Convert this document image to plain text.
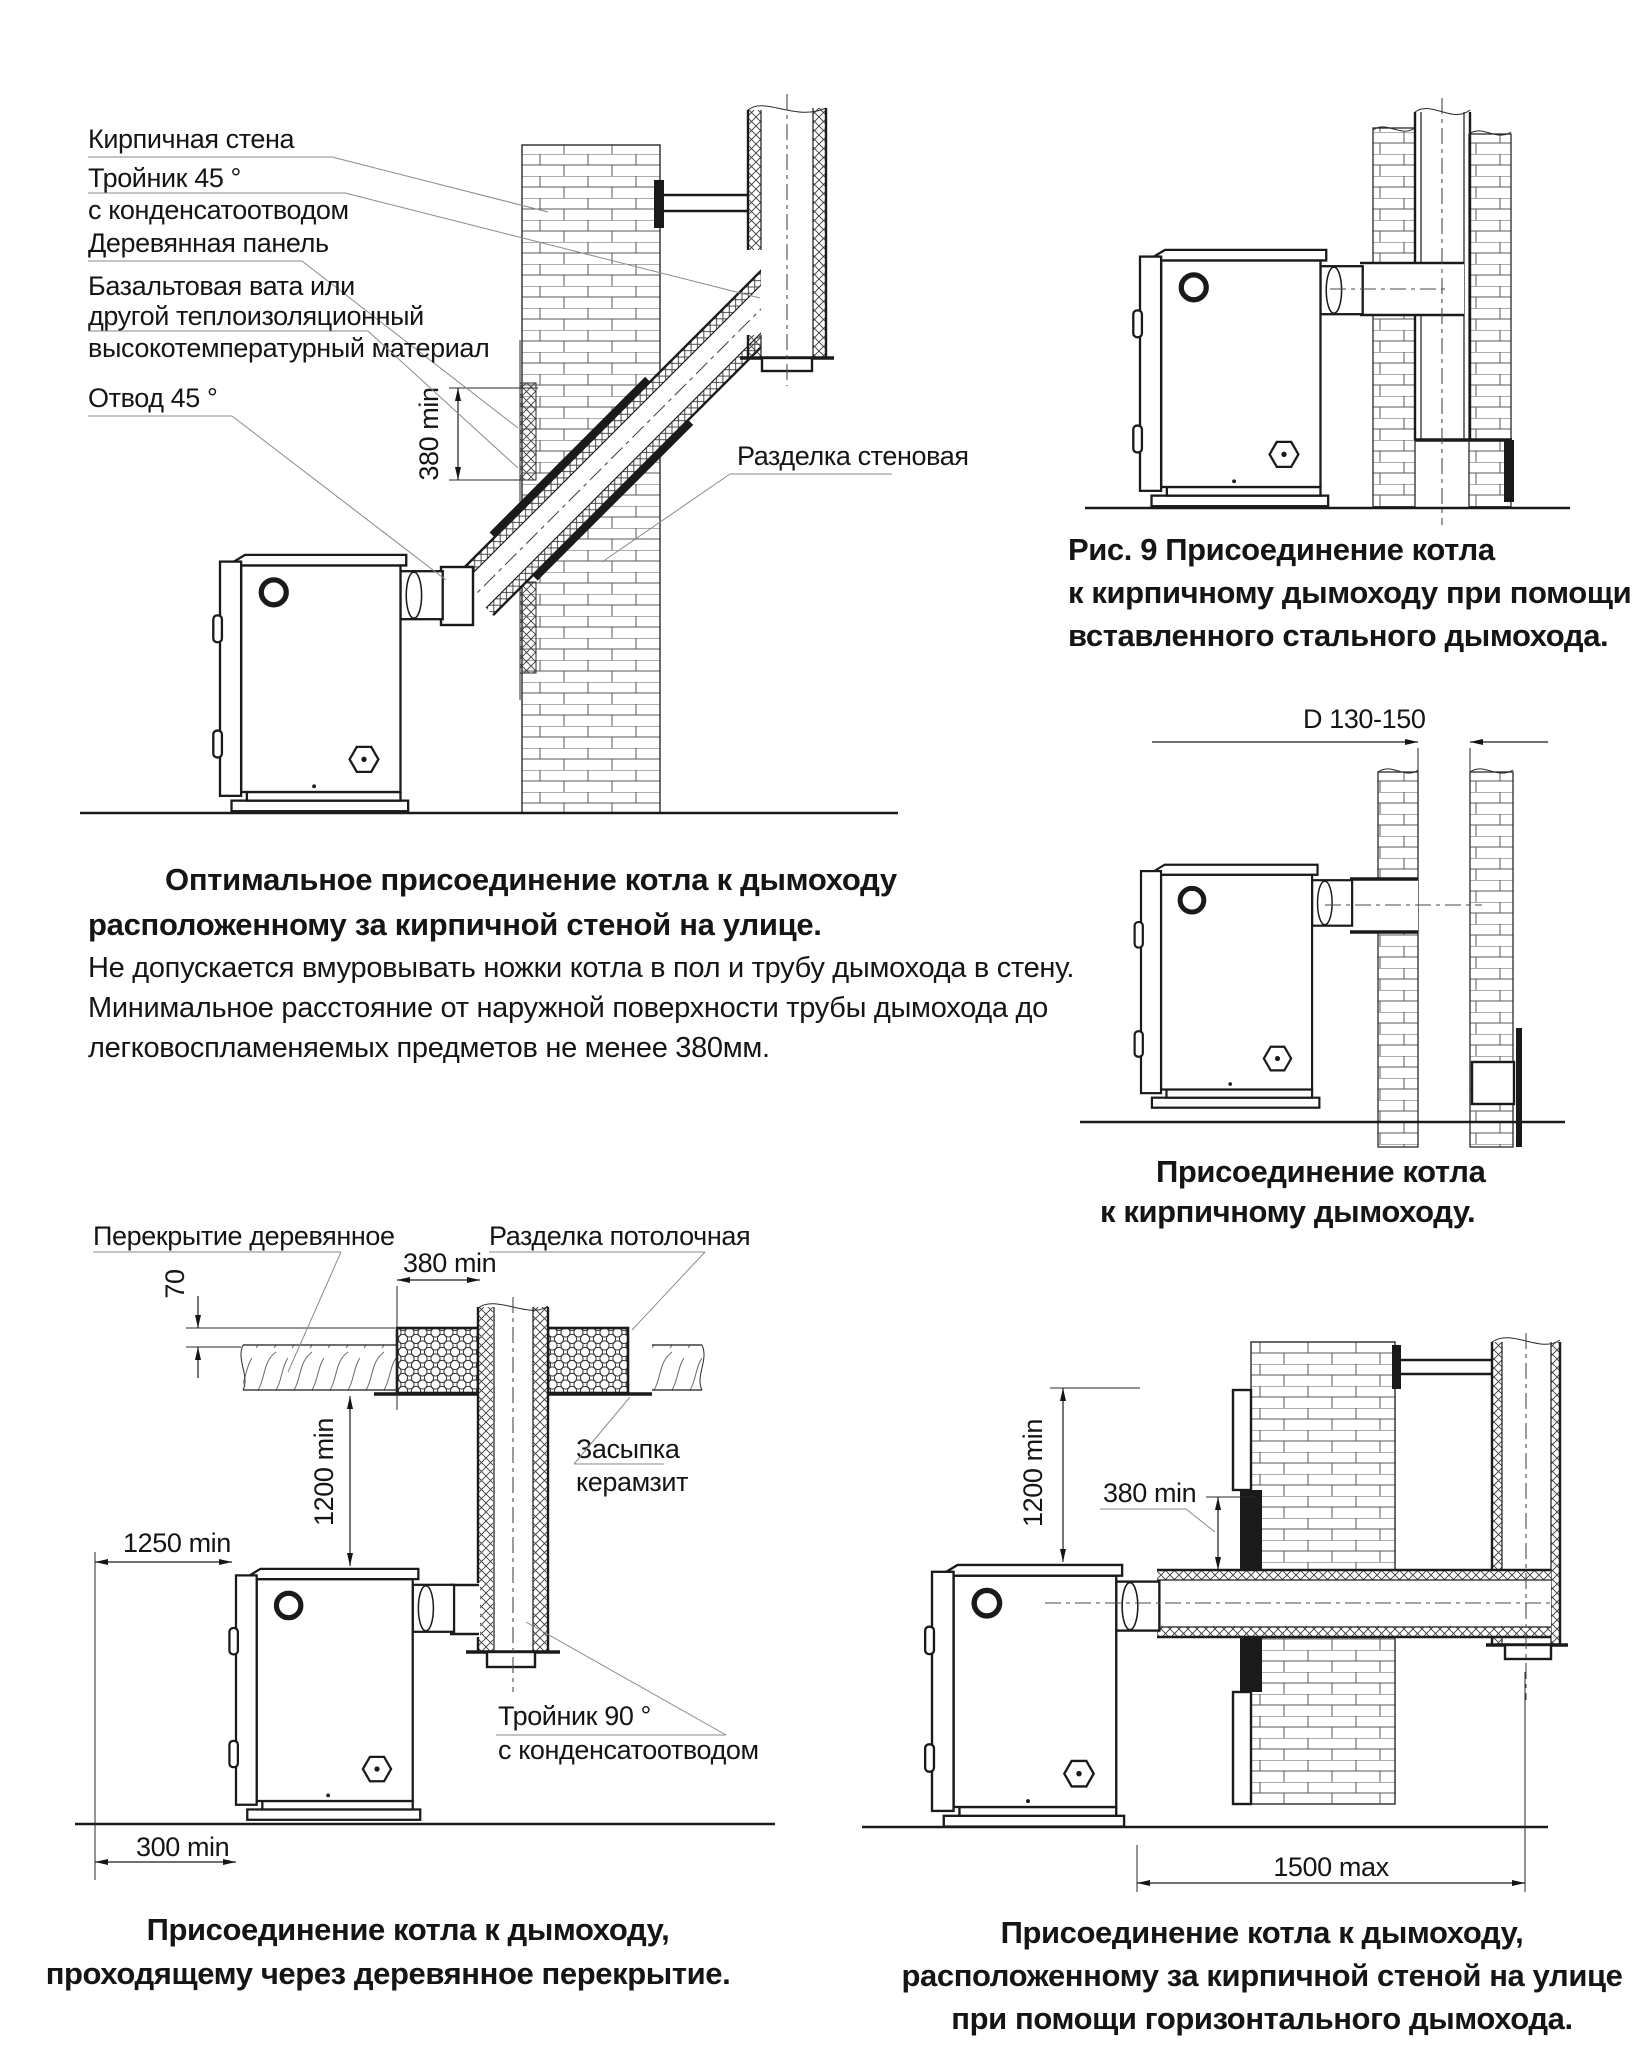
380 min
Кирпичная стена
Тройник 45 °
с конденсатоотводом
Деревянная панель
Базальтовая вата или
другой теплоизоляционный
высокотемпературный материал
Отвод 45 °
Разделка стеновая
Оптимальное присоединение котла к дымоходу
расположенному за кирпичной стеной на улице.
Не допускается вмуровывать ножки котла в пол и трубу дымохода в стену.
Минимальное расстояние от наружной поверхности трубы дымохода до
легковоспламеняемых предметов не менее 380мм.
Рис. 9 Присоединение котла
к кирпичному дымоходу при помощи
вставленного стального дымохода.
D 130-150
Присоединение котла
к кирпичному дымоходу.
380 min
70
1200 min
1250 min
300 min
Перекрытие деревянное	Разделка потолочная
Засыпка
керамзит
Тройник 90 °
с конденсатоотводом
Присоединение котла к дымоходу,
проходящему через деревянное перекрытие.
1200 min 380 min
1500 max
Присоединение котла к дымоходу,
расположенному за кирпичной стеной на улице
при помощи горизонтального дымохода.
